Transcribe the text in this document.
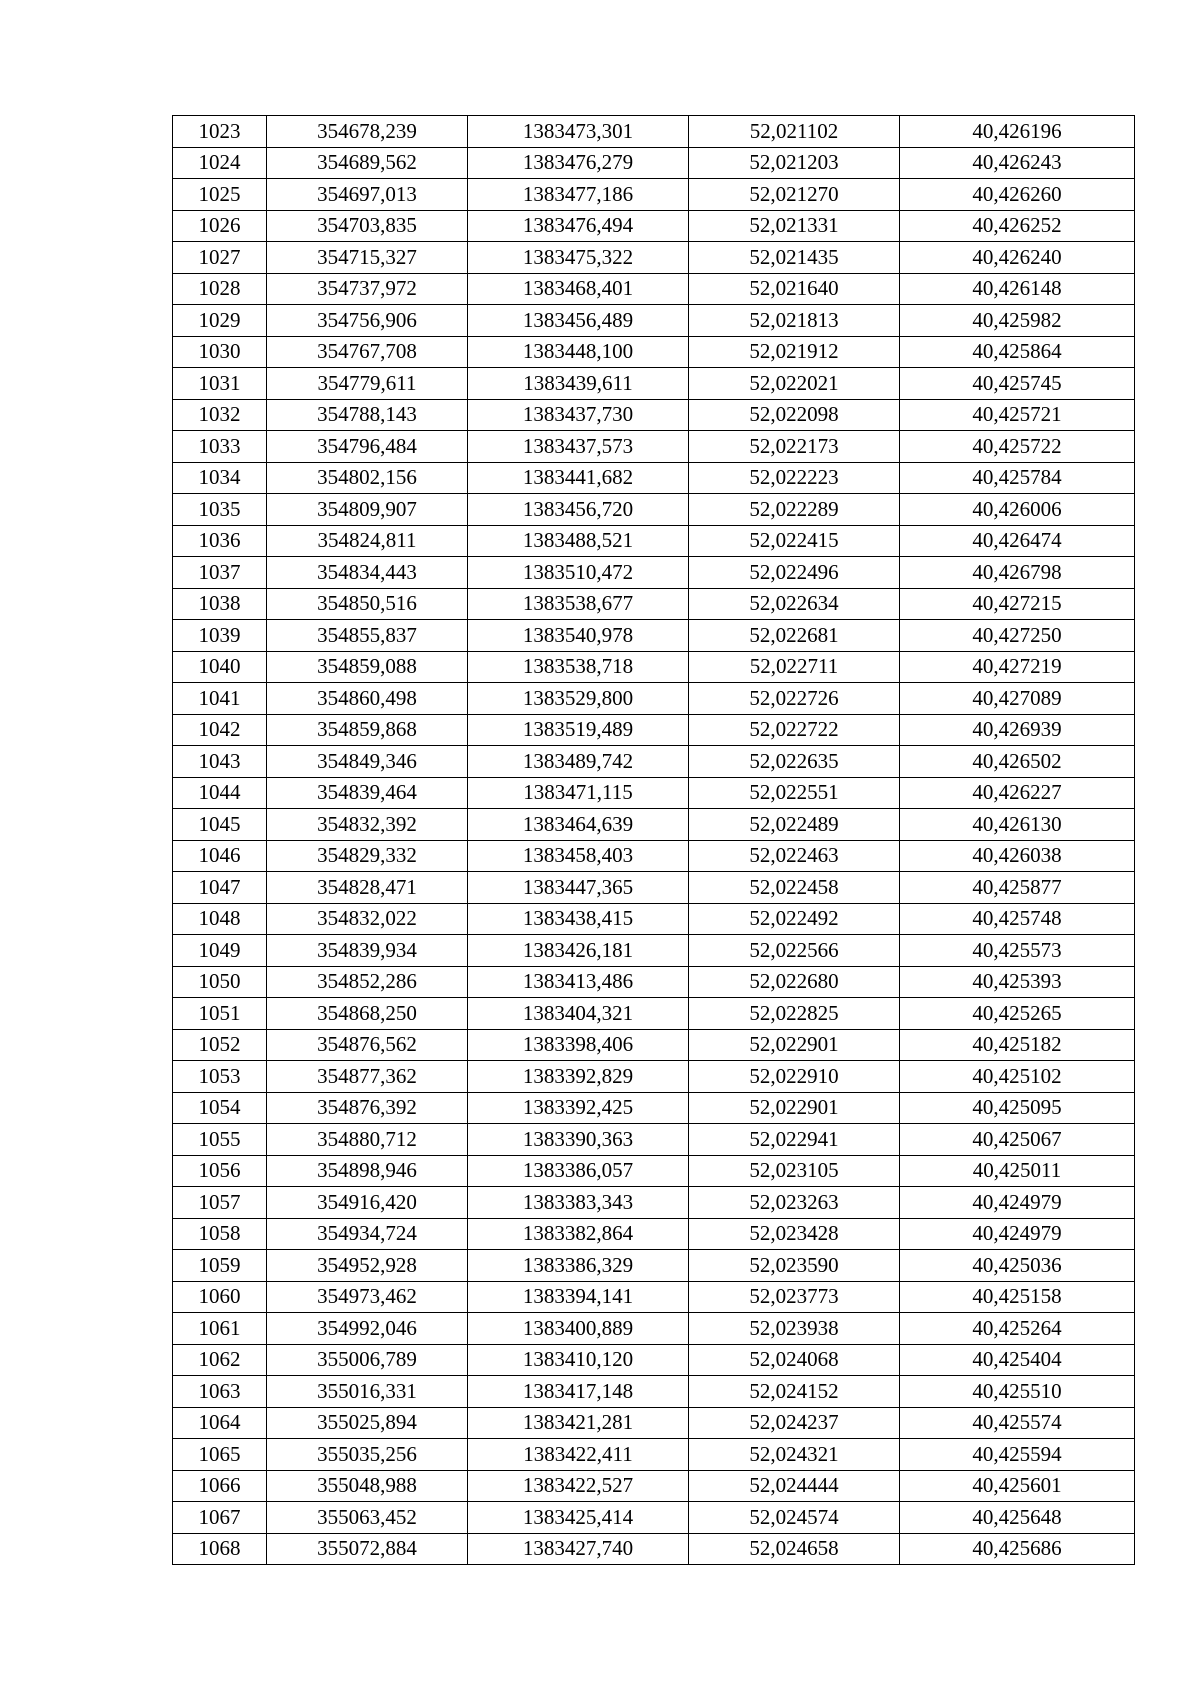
1023	354678,239	1383473,301	52,021102	40,426196
1024	354689,562	1383476,279	52,021203	40,426243
1025	354697,013	1383477,186	52,021270	40,426260
1026	354703,835	1383476,494	52,021331	40,426252
1027	354715,327	1383475,322	52,021435	40,426240
1028	354737,972	1383468,401	52,021640	40,426148
1029	354756,906	1383456,489	52,021813	40,425982
1030	354767,708	1383448,100	52,021912	40,425864
1031	354779,611	1383439,611	52,022021	40,425745
1032	354788,143	1383437,730	52,022098	40,425721
1033	354796,484	1383437,573	52,022173	40,425722
1034	354802,156	1383441,682	52,022223	40,425784
1035	354809,907	1383456,720	52,022289	40,426006
1036	354824,811	1383488,521	52,022415	40,426474
1037	354834,443	1383510,472	52,022496	40,426798
1038	354850,516	1383538,677	52,022634	40,427215
1039	354855,837	1383540,978	52,022681	40,427250
1040	354859,088	1383538,718	52,022711	40,427219
1041	354860,498	1383529,800	52,022726	40,427089
1042	354859,868	1383519,489	52,022722	40,426939
1043	354849,346	1383489,742	52,022635	40,426502
1044	354839,464	1383471,115	52,022551	40,426227
1045	354832,392	1383464,639	52,022489	40,426130
1046	354829,332	1383458,403	52,022463	40,426038
1047	354828,471	1383447,365	52,022458	40,425877
1048	354832,022	1383438,415	52,022492	40,425748
1049	354839,934	1383426,181	52,022566	40,425573
1050	354852,286	1383413,486	52,022680	40,425393
1051	354868,250	1383404,321	52,022825	40,425265
1052	354876,562	1383398,406	52,022901	40,425182
1053	354877,362	1383392,829	52,022910	40,425102
1054	354876,392	1383392,425	52,022901	40,425095
1055	354880,712	1383390,363	52,022941	40,425067
1056	354898,946	1383386,057	52,023105	40,425011
1057	354916,420	1383383,343	52,023263	40,424979
1058	354934,724	1383382,864	52,023428	40,424979
1059	354952,928	1383386,329	52,023590	40,425036
1060	354973,462	1383394,141	52,023773	40,425158
1061	354992,046	1383400,889	52,023938	40,425264
1062	355006,789	1383410,120	52,024068	40,425404
1063	355016,331	1383417,148	52,024152	40,425510
1064	355025,894	1383421,281	52,024237	40,425574
1065	355035,256	1383422,411	52,024321	40,425594
1066	355048,988	1383422,527	52,024444	40,425601
1067	355063,452	1383425,414	52,024574	40,425648
1068	355072,884	1383427,740	52,024658	40,425686
